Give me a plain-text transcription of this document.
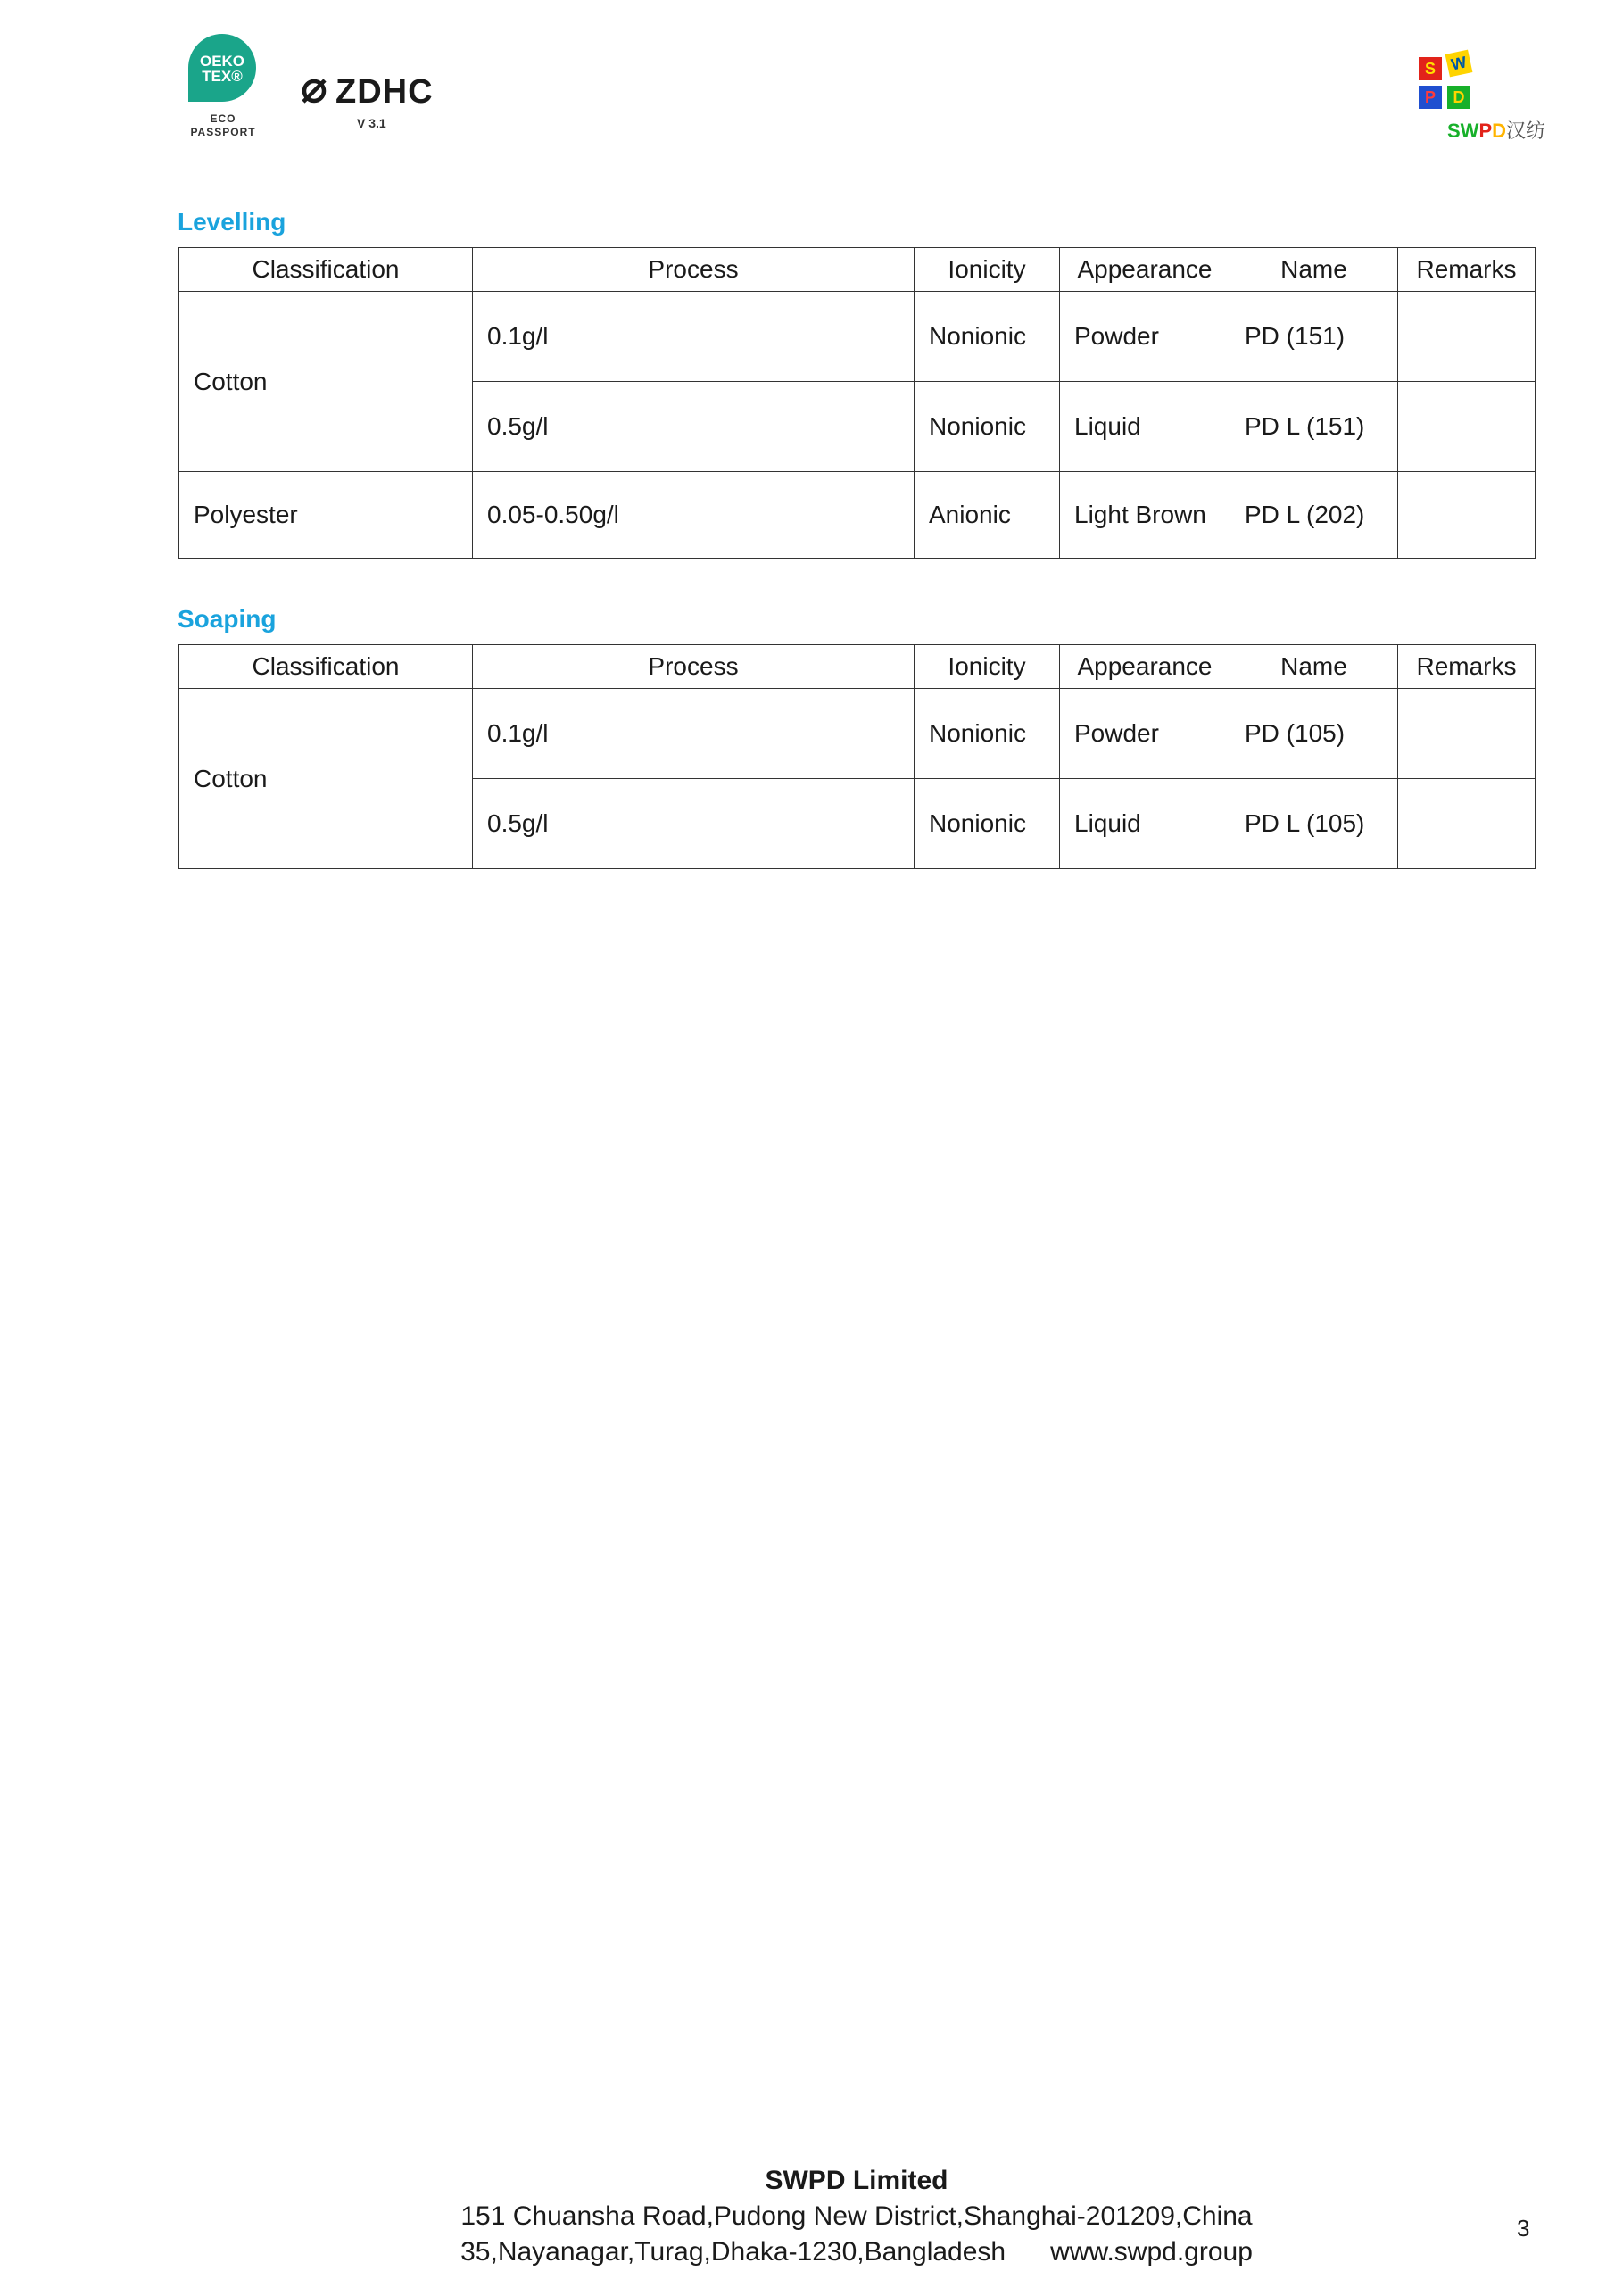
OEKO
TEX®
ECO
PASSPORT
ZDHC
V 3.1
S W
P	D
SWPD汉纺
Levelling
Classification	Process	Ionicity	Appearance	Name	Remarks
Cotton	0.1g/l	Nonionic	Powder	PD (151)	
	0.5g/l	Nonionic	Liquid	PD L (151)	
Polyester	0.05-0.50g/l	Anionic	Light Brown	PD L (202)	
Soaping
Classification	Process	Ionicity	Appearance	Name	Remarks
Cotton	0.1g/l	Nonionic	Powder	PD (105)	
	0.5g/l	Nonionic	Liquid	PD L (105)	
SWPD Limited
151 Chuansha Road,Pudong New District,Shanghai-201209,China
35,Nayanagar,Turag,Dhaka-1230,Bangladesh www.swpd.group
3
